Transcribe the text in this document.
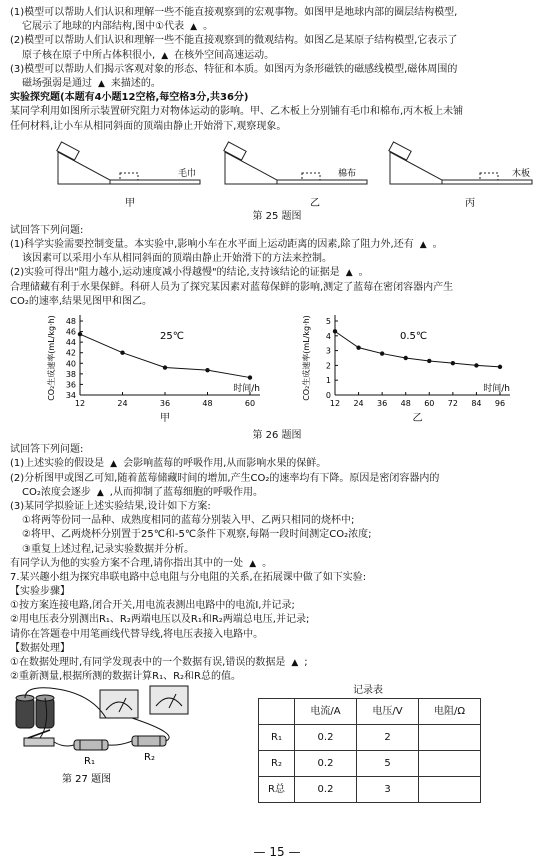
(1)模型可以帮助人们认识和理解一些不能直接观察到的宏观事物。如图甲是地球内部的圈层结构模型,
它展示了地球的内部结构,图中①代表 ▲ 。
(2)模型可以帮助人们认识和理解一些不能直接观察到的微观结构。如图乙是某原子结构模型,它表示了
原子核在原子中所占体积很小, ▲ 在核外空间高速运动。
(3)模型可以帮助人们揭示客观对象的形态、特征和本质。如图丙为条形磁铁的磁感线模型,磁体周围的
磁场强弱是通过 ▲ 来描述的。
实验探究题(本题有4小题12空格,每空格3分,共36分)
某同学利用如图所示装置研究阻力对物体运动的影响。甲、乙木板上分别铺有毛巾和棉布,丙木板上未铺
任何材料,让小车从相同斜面的顶端由静止开始滑下,观察现象。
毛巾
甲
棉布
乙
木板
丙
第 25 题图
试回答下列问题:
(1)科学实验需要控制变量。本实验中,影响小车在水平面上运动距离的因素,除了阻力外,还有 ▲ 。
该因素可以采用小车从相同斜面的顶端由静止开始滑下的方法来控制。
(2)实验可得出"阻力越小,运动速度减小得越慢"的结论,支持该结论的证据是 ▲ 。
合理储藏有利于水果保鲜。科研人员为了探究某因素对蓝莓保鲜的影响,测定了蓝莓在密闭容器内产生
CO₂的速率,结果见图甲和图乙。
34
36
38
40
42
44
46
48
12	24	36	48	60
CO₂生成速率(mL/kg·h)	时间/h
25℃
甲
0
1
2
3
4
5
12 24 36 48 60 72 84 96
CO₂生成速率(mL/kg·h)	时间/h
0.5℃
乙
第 26 题图
试回答下列问题:
(1)上述实验的假设是 ▲ 会影响蓝莓的呼吸作用,从而影响水果的保鲜。
(2)分析图甲或图乙可知,随着蓝莓储藏时间的增加,产生CO₂的速率均有下降。原因是密闭容器内的
CO₂浓度会逐步 ▲ ,从而抑制了蓝莓细胞的呼吸作用。
(3)某同学拟验证上述实验结果,设计如下方案:
①将两等份同一品种、成熟度相同的蓝莓分别装入甲、乙两只相同的烧杯中;
②将甲、乙两烧杯分别置于25℃和-5℃条件下观察,每隔一段时间测定CO₂浓度;
③重复上述过程,记录实验数据并分析。
有同学认为他的实验方案不合理,请你指出其中的一处 ▲ 。
7.某兴趣小组为探究串联电路中总电阻与分电阻的关系,在拓展课中做了如下实验:
【实验步骤】
①按方案连接电路,闭合开关,用电流表测出电路中的电流I,并记录;
②用电压表分别测出R₁、R₂两端电压以及R₁和R₂两端总电压,并记录;
请你在答题卷中用笔画线代替导线,将电压表接入电路中。
【数据处理】
①在数据处理时,有同学发现表中的一个数据有误,错误的数据是 ▲ ;
②重新测量,根据所测的数据计算R₁、R₂和R总的值。
R₁	R₂
第 27 题图
记录表
	电流/A	电压/V	电阻/Ω
R₁	0.2	2	
R₂	0.2	5	
R总	0.2	3	
— 15 —
